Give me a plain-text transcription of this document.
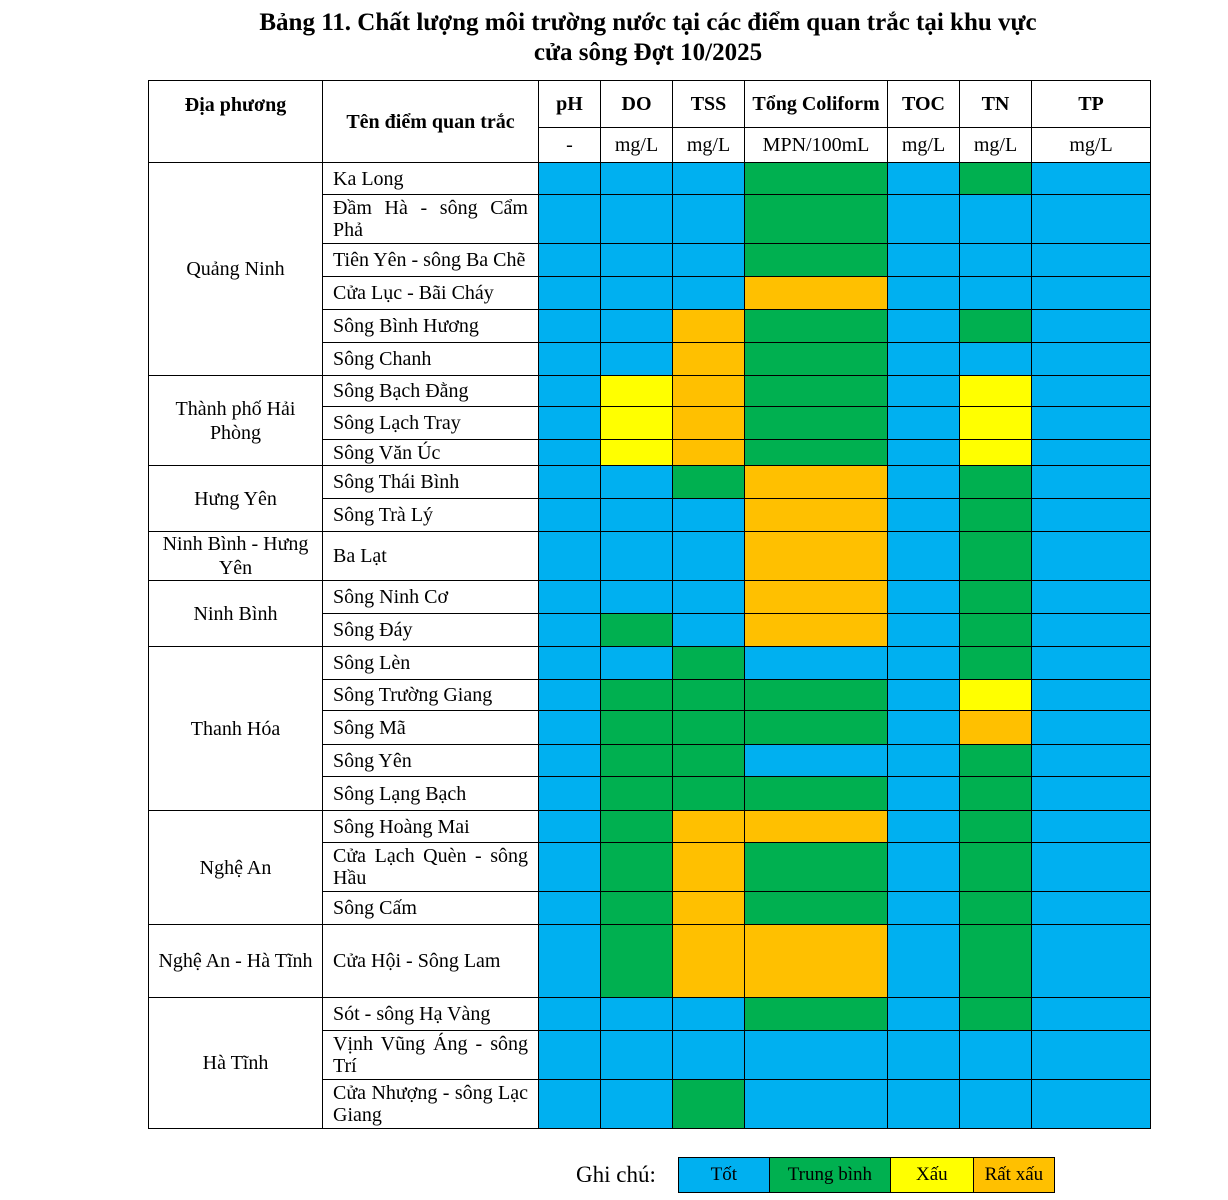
Bảng 11. Chất lượng môi trường nước tại các điểm quan trắc tại khu vực
cửa sông Đợt 10/2025
Địa phương	Tên điểm quan trắc	pH	DO	TSS	Tổng Coliform	TOC	TN	TP
		-	mg/L	mg/L	MPN/100mL	mg/L	mg/L	mg/L
Quảng Ninh	Ka Long							
	Đầm Hà - sông Cẩm Phả							
	Tiên Yên - sông Ba Chẽ							
	Cửa Lục - Bãi Cháy							
	Sông Bình Hương							
	Sông Chanh							
Thành phố Hải Phòng	Sông Bạch Đằng							
	Sông Lạch Tray							
	Sông Văn Úc							
Hưng Yên	Sông Thái Bình							
	Sông Trà Lý							
Ninh Bình - Hưng Yên	Ba Lạt							
Ninh Bình	Sông Ninh Cơ							
	Sông Đáy							
Thanh Hóa	Sông Lèn							
	Sông Trường Giang							
	Sông Mã							
	Sông Yên							
	Sông Lạng Bạch							
Nghệ An	Sông Hoàng Mai							
	Cửa Lạch Quèn - sông Hầu							
	Sông Cấm							
Nghệ An - Hà Tĩnh	Cửa Hội - Sông Lam							
Hà Tĩnh	Sót - sông Hạ Vàng							
	Vịnh Vũng Áng - sông Trí							
	Cửa Nhượng - sông Lạc Giang							
Ghi chú:	Tốt	Trung bình	Xấu	Rất xấu
